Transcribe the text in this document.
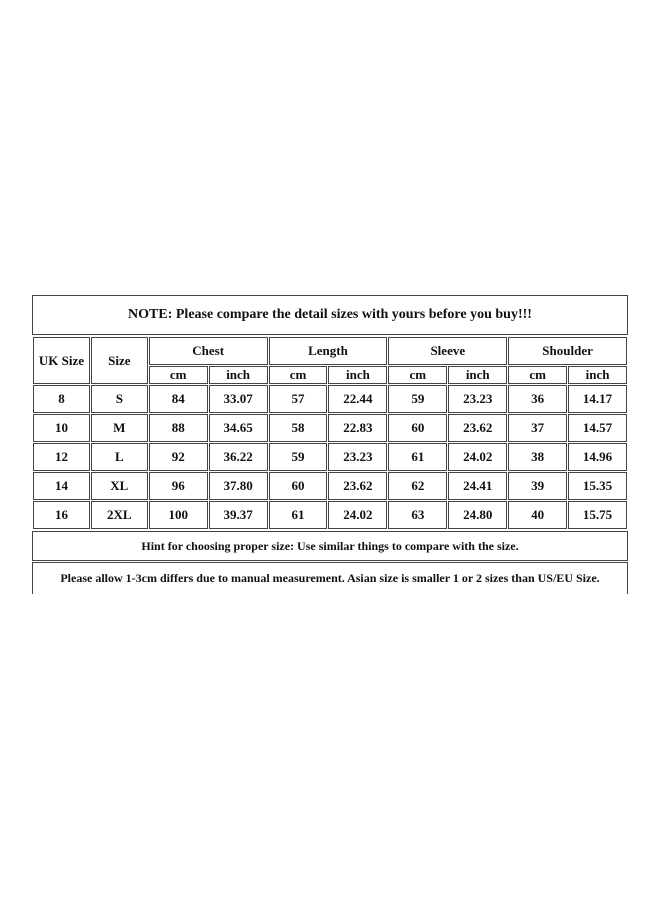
NOTE: Please compare the detail sizes with yours before you buy!!!
UK Size	Size	Chest		Length		Sleeve		Shoulder	
		cm	inch	cm	inch	cm	inch	cm	inch
8	S	84	33.07	57	22.44	59	23.23	36	14.17
10	M	88	34.65	58	22.83	60	23.62	37	14.57
12	L	92	36.22	59	23.23	61	24.02	38	14.96
14	XL	96	37.80	60	23.62	62	24.41	39	15.35
16	2XL	100	39.37	61	24.02	63	24.80	40	15.75
Hint for choosing proper size: Use similar things to compare with the size.
Please allow 1-3cm differs due to manual measurement. Asian size is smaller 1 or 2 sizes than US/EU Size.
